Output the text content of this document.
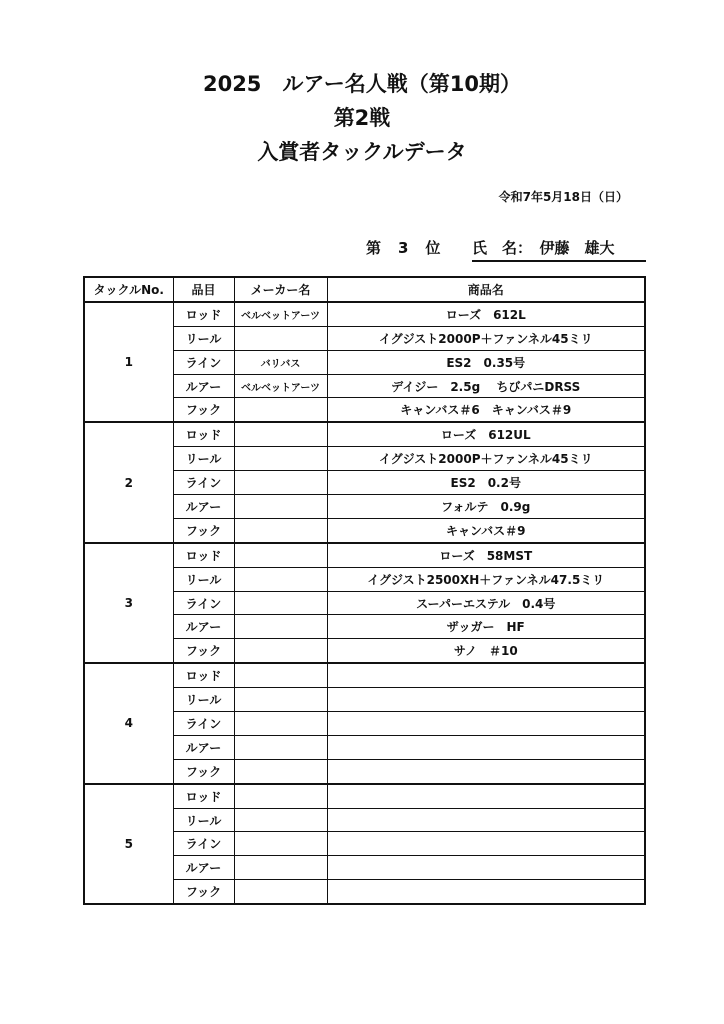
2025　ルアー名人戦（第10期）
第2戦
入賞者タックルデータ
令和7年5月18日（日）
第　3　位 氏　名：　伊藤　雄大
タックルNo.	品目	メーカー名	商品名
1	ロッド	ベルベットアーツ	ローズ　612L
	リール		イグジスト2000P＋ファンネル45ミリ
	ライン	バリバス	ES2　0.35号
	ルアー	ベルベットアーツ	デイジー　2.5g　 ちびパニDRSS
	フック		キャンバス＃6　キャンバス＃9
2	ロッド		ローズ　612UL
	リール		イグジスト2000P＋ファンネル45ミリ
	ライン		ES2　0.2号
	ルアー		フォルテ　0.9g
	フック		キャンバス＃9
3	ロッド		ローズ　58MST
	リール		イグジスト2500XH＋ファンネル47.5ミリ
	ライン		スーパーエステル　0.4号
	ルアー		ザッガー　HF
	フック		サノ　＃10
4	ロッド		
	リール		
	ライン		
	ルアー		
	フック		
5	ロッド		
	リール		
	ライン		
	ルアー		
	フック		
